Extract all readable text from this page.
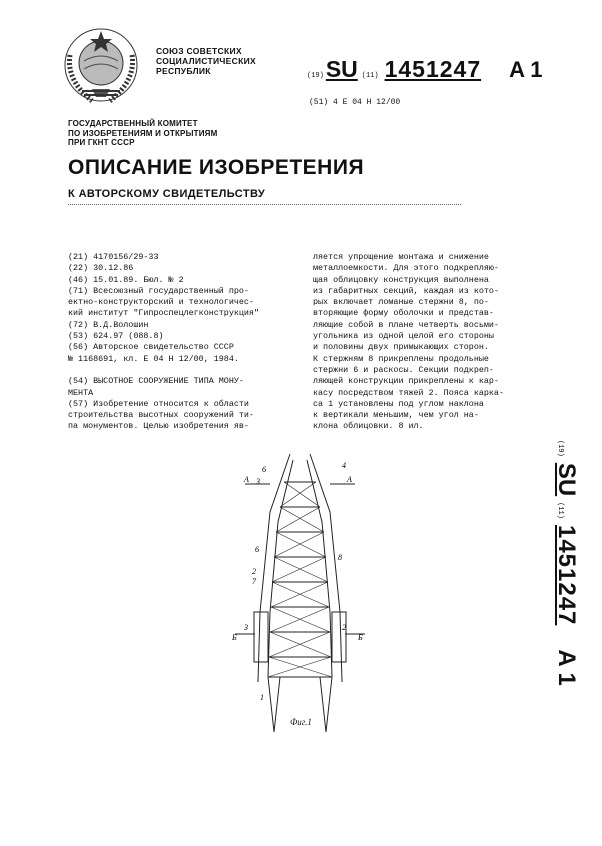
СОЮЗ СОВЕТСКИХ
СОЦИАЛИСТИЧЕСКИХ
РЕСПУБЛИК	(19) SU (11) 1451247 A 1
(51) 4 E 04 H 12/00
ГОСУДАРСТВЕННЫЙ КОМИТЕТ
ПО ИЗОБРЕТЕНИЯМ И ОТКРЫТИЯМ
ПРИ ГКНТ СССР
ОПИСАНИЕ ИЗОБРЕТЕНИЯ
К АВТОРСКОМУ СВИДЕТЕЛЬСТВУ
(21) 4170156/29-33
(22) 30.12.86
(46) 15.01.89. Бюл. № 2
(71) Всесоюзный государственный про-
ектно-конструкторский и технологичес-
кий институт "Гипроспецлегконструкция"
(72) В.Д.Волошин
(53) 624.97 (088.8)
(56) Авторское свидетельство СССР
№ 1168691, кл. E 04 H 12/00, 1984.

(54) ВЫСОТНОЕ СООРУЖЕНИЕ ТИПА МОНУ-
МЕНТА
(57) Изобретение относится к области
строительства высотных сооружений ти-
па монументов. Целью изобретения яв-
ляется упрощение монтажа и снижение
металлоемкости. Для этого подкрепляю-
щая облицовку конструкция выполнена
из габаритных секций, каждая из кото-
рых включает ломаные стержни 8, по-
вторяющие форму оболочки и представ-
ляющие собой в плане четверть восьми-
угольника из одной целой его стороны
и половины двух примыкающих сторон.
К стержням 8 прикреплены продольные
стержни 6 и раскосы. Секции подкреп-
ляющей конструкции прикреплены к кар-
касу посредством тяжей 2. Пояса карка-
са 1 установлены под углом наклона
к вертикали меньшим, чем угол на-
клона облицовки. 8 ил.
(19)
SU
(11)
1451247
A 1
6
3
А
4
А
6
8
2
7
2
3
Б	Б
1
Фиг.1
